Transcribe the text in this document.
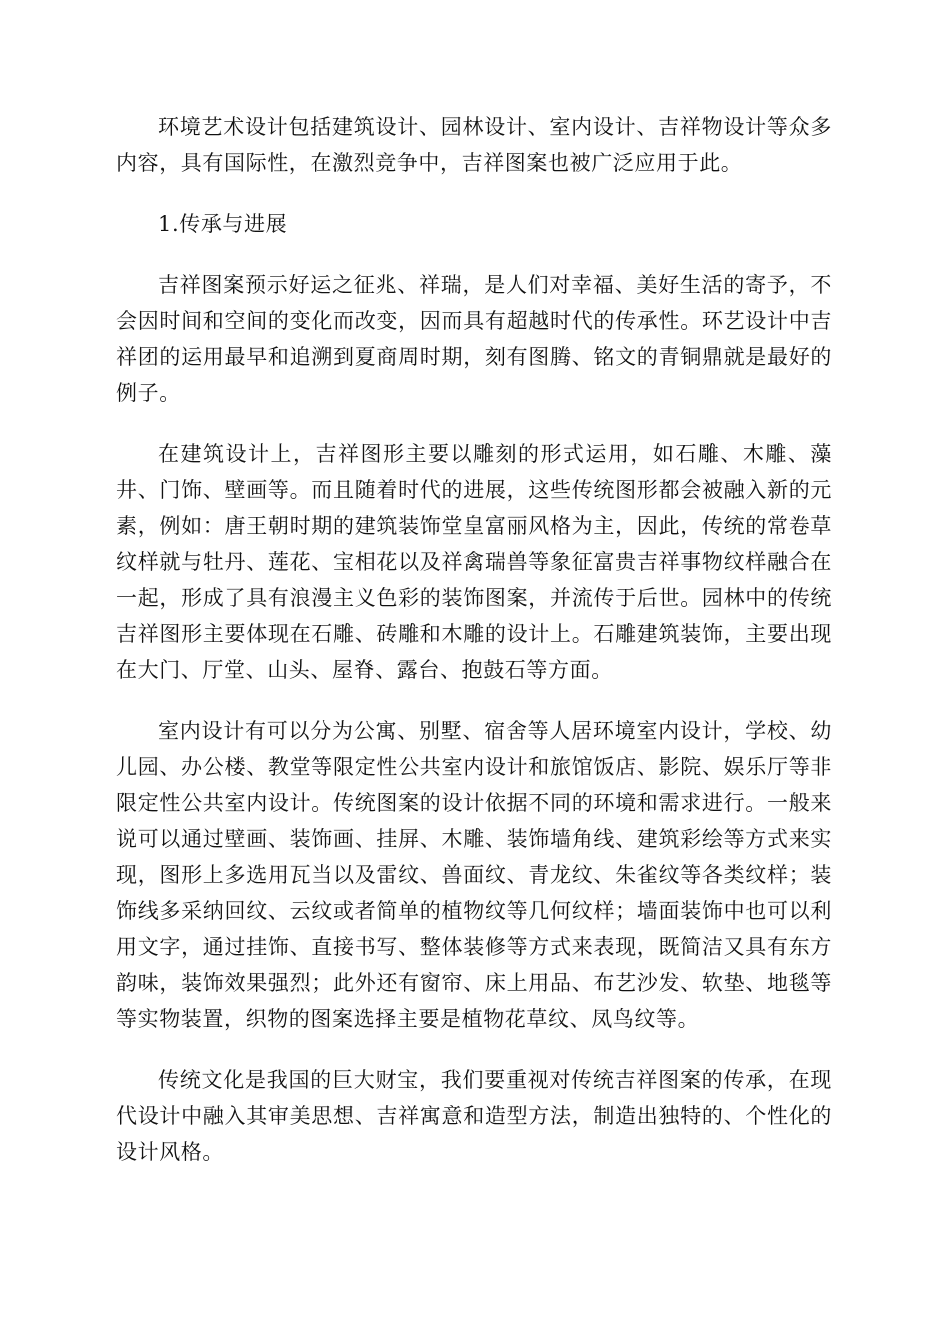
环境艺术设计包括建筑设计、园林设计、室内设计、吉祥物设计等众多内容，具有国际性，在激烈竞争中，吉祥图案也被广泛应用于此。

1.传承与进展

吉祥图案预示好运之征兆、祥瑞，是人们对幸福、美好生活的寄予，不会因时间和空间的变化而改变，因而具有超越时代的传承性。环艺设计中吉祥团的运用最早和追溯到夏商周时期，刻有图腾、铭文的青铜鼎就是最好的例子。

在建筑设计上，吉祥图形主要以雕刻的形式运用，如石雕、木雕、藻井、门饰、壁画等。而且随着时代的进展，这些传统图形都会被融入新的元素，例如：唐王朝时期的建筑装饰堂皇富丽风格为主，因此，传统的常卷草纹样就与牡丹、莲花、宝相花以及祥禽瑞兽等象征富贵吉祥事物纹样融合在一起，形成了具有浪漫主义色彩的装饰图案，并流传于后世。园林中的传统吉祥图形主要体现在石雕、砖雕和木雕的设计上。石雕建筑装饰，主要出现在大门、厅堂、山头、屋脊、露台、抱鼓石等方面。

室内设计有可以分为公寓、别墅、宿舍等人居环境室内设计，学校、幼儿园、办公楼、教堂等限定性公共室内设计和旅馆饭店、影院、娱乐厅等非限定性公共室内设计。传统图案的设计依据不同的环境和需求进行。一般来说可以通过壁画、装饰画、挂屏、木雕、装饰墙角线、建筑彩绘等方式来实现，图形上多选用瓦当以及雷纹、兽面纹、青龙纹、朱雀纹等各类纹样；装饰线多采纳回纹、云纹或者简单的植物纹等几何纹样；墙面装饰中也可以利用文字，通过挂饰、直接书写、整体装修等方式来表现，既简洁又具有东方韵味，装饰效果强烈；此外还有窗帘、床上用品、布艺沙发、软垫、地毯等等实物装置，织物的图案选择主要是植物花草纹、凤鸟纹等。

传统文化是我国的巨大财宝，我们要重视对传统吉祥图案的传承，在现代设计中融入其审美思想、吉祥寓意和造型方法，制造出独特的、个性化的设计风格。
